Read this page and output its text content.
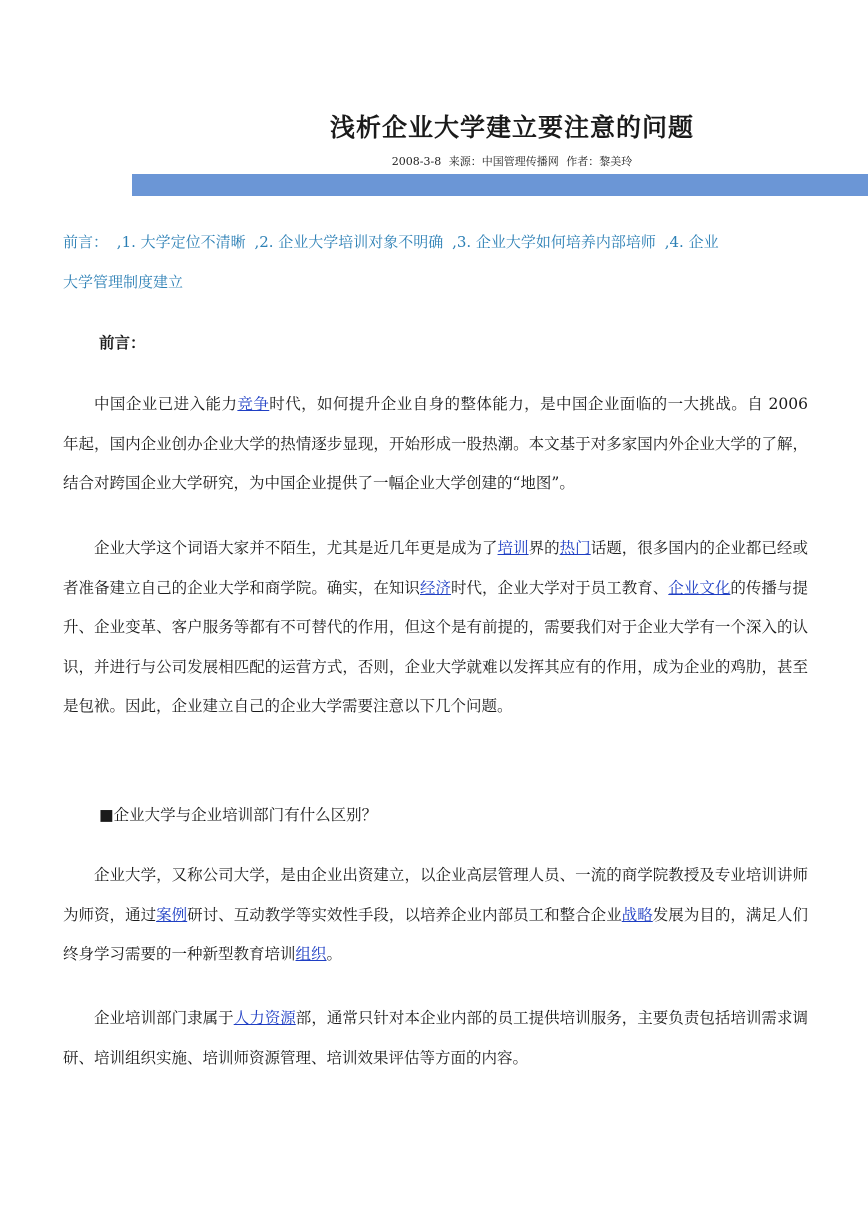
浅析企业大学建立要注意的问题
2008-3-8 来源：中国管理传播网 作者：黎美玲
前言： ,1. 大学定位不清晰 ,2. 企业大学培训对象不明确 ,3. 企业大学如何培养内部培师 ,4. 企业
大学管理制度建立
前言：
中国企业已进入能力竞争时代，如何提升企业自身的整体能力，是中国企业面临的一大挑战。自 2006 年起，国内企业创办企业大学的热情逐步显现，开始形成一股热潮。本文基于对多家国内外企业大学的了解，结合对跨国企业大学研究，为中国企业提供了一幅企业大学创建的“地图”。
企业大学这个词语大家并不陌生，尤其是近几年更是成为了培训界的热门话题，很多国内的企业都已经或者准备建立自己的企业大学和商学院。确实，在知识经济时代，企业大学对于员工教育、企业文化的传播与提升、企业变革、客户服务等都有不可替代的作用，但这个是有前提的，需要我们对于企业大学有一个深入的认识，并进行与公司发展相匹配的运营方式，否则，企业大学就难以发挥其应有的作用，成为企业的鸡肋，甚至是包袱。因此，企业建立自己的企业大学需要注意以下几个问题。
■企业大学与企业培训部门有什么区别？
企业大学，又称公司大学，是由企业出资建立，以企业高层管理人员、一流的商学院教授及专业培训讲师为师资，通过案例研讨、互动教学等实效性手段，以培养企业内部员工和整合企业战略发展为目的，满足人们终身学习需要的一种新型教育培训组织。
企业培训部门隶属于人力资源部，通常只针对本企业内部的员工提供培训服务，主要负责包括培训需求调研、培训组织实施、培训师资源管理、培训效果评估等方面的内容。
